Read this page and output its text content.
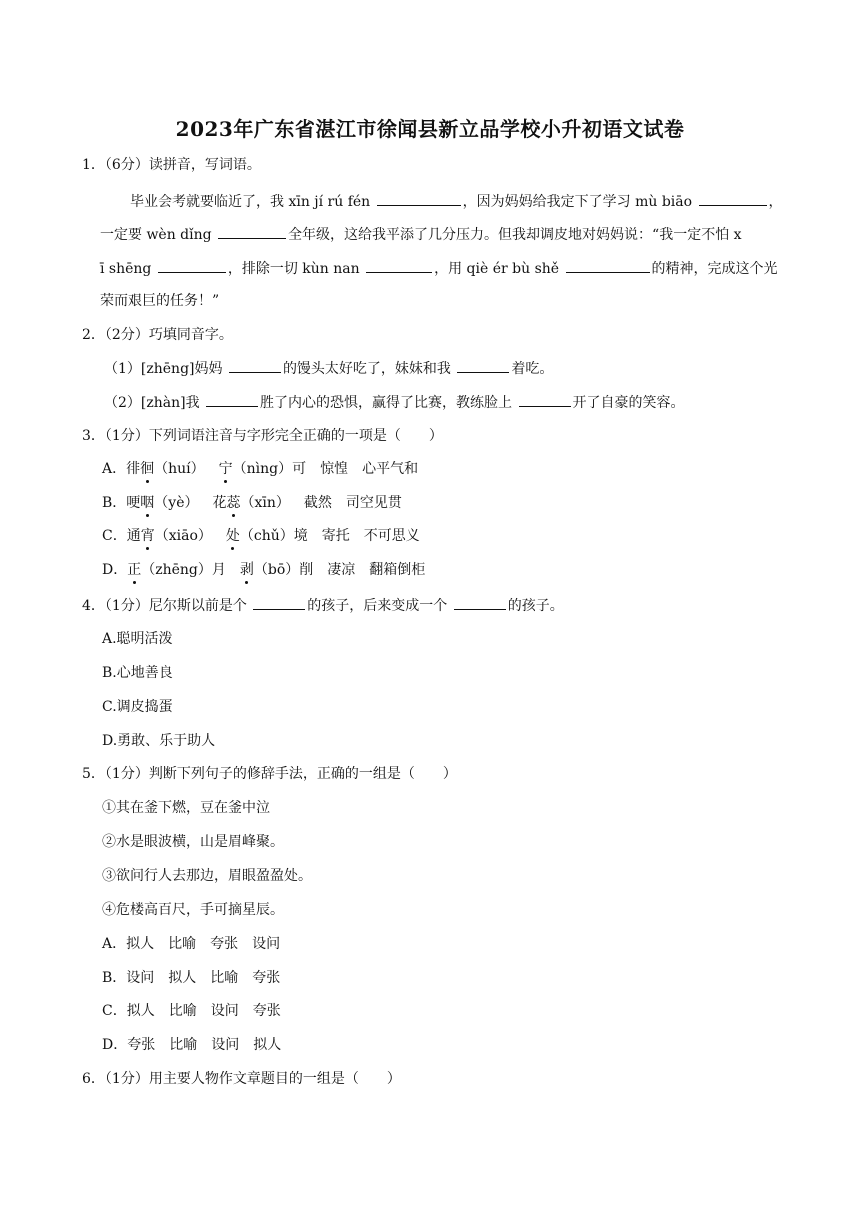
2023年广东省湛江市徐闻县新立品学校小升初语文试卷
1．（6分）读拼音，写词语。
毕业会考就要临近了，我 xīn jí rú fén	，因为妈妈给我定下了学习 mù biāo	，
一定要 wèn dǐng	全年级，这给我平添了几分压力。但我却调皮地对妈妈说：“我一定不怕 x
ī shēng	，排除一切 kùn nan	，用 qiè ér bù shě	的精神，完成这个光
荣而艰巨的任务！”
2．（2分）巧填同音字。
（1）[zhēng]妈妈	的馒头太好吃了，妹妹和我	着吃。
（2）[zhàn]我	胜了内心的恐惧，赢得了比赛，教练脸上	开了自豪的笑容。
3．（1分）下列词语注音与字形完全正确的一项是（　　）
A．徘徊（huí） 宁（nìng）可 惊惶 心平气和
B．哽咽（yè） 花蕊（xīn） 截然 司空见贯
C．通宵（xiāo） 处（chǔ）境 寄托 不可思义
D．正（zhēng）月 剥（bō）削 凄凉 翻箱倒柜
4．（1分）尼尔斯以前是个	的孩子，后来变成一个	的孩子。
A.聪明活泼
B.心地善良
C.调皮捣蛋
D.勇敢、乐于助人
5．（1分）判断下列句子的修辞手法，正确的一组是（　　）
①其在釜下燃，豆在釜中泣
②水是眼波横，山是眉峰聚。
③欲问行人去那边，眉眼盈盈处。
④危楼高百尺，手可摘星辰。
A．拟人　比喻　夸张　设问
B．设问　拟人　比喻　夸张
C．拟人　比喻　设问　夸张
D．夸张　比喻　设问　拟人
6．（1分）用主要人物作文章题目的一组是（　　）
